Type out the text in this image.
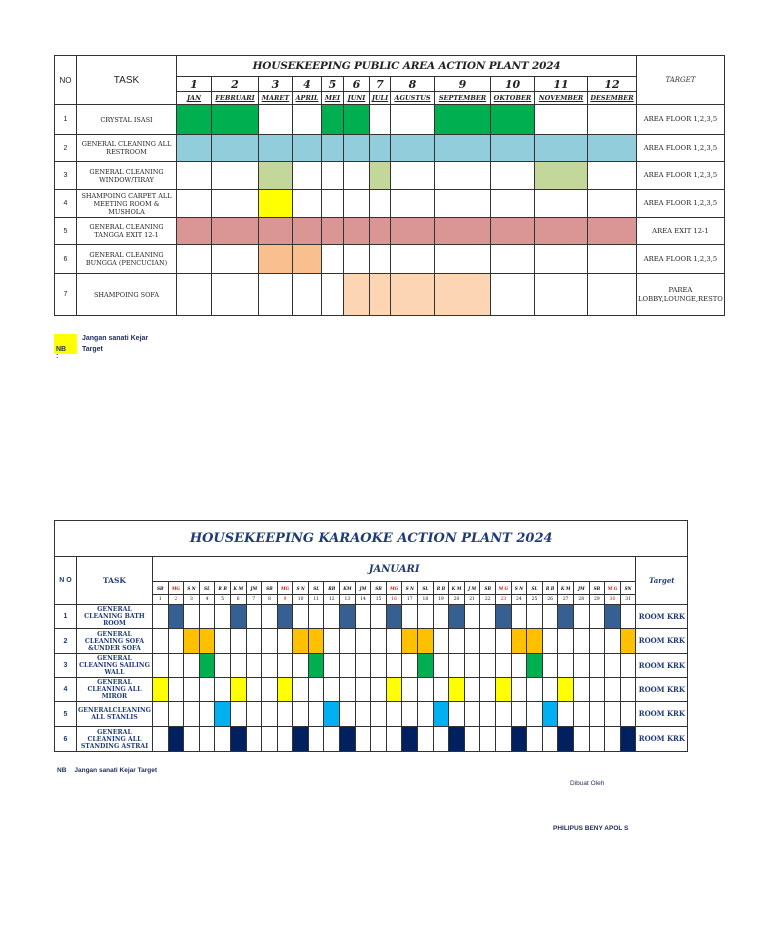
NO	TASK	HOUSEKEEPING PUBLIC AREA ACTION PLANT 2024												TARGET
		1	2	3	4	5	6	7	8	9	10	11	12	
		JAN	FEBRUARI	MARET	APRIL	MEI	JUNI	JULI	AGUSTUS	SEPTEMBER	OKTOBER	NOVEMBER	DESEMBER	
1	CRYSTAL ISASI													AREA FLOOR 1,2,3,5
2	GENERAL CLEANING ALL RESTROOM													AREA FLOOR 1,2,3,5
3	GENERAL CLEANING WINDOW/TIRAY													AREA FLOOR 1,2,3,5
4	SHAMPOING CARPET ALL MEETING ROOM & MUSHOLA													AREA FLOOR 1,2,3,5
5	GENERAL CLEANING TANGGA EXIT 12-1													AREA EXIT 12-1
6	GENERAL CLEANING BUNGGA (PENCUCIAN)													AREA FLOOR 1,2,3,5
7	SHAMPOING SOFA													PAREA LOBBY,LOUNGE,RESTO
NB :
Jangan sanati Kejar
Target
HOUSEKEEPING KARAOKE ACTION PLANT 2024																																	
N O	TASK	JANUARI																															Target
		SB	MG	S N	SL	R B	K M	JM	SB	MG	S N	SL	RB	KM	JM	SB	MG	S N	SL	R B	K M	J M	SB	M G	S N	SL	R B	K M	JM	SB	M G	SN	
		1	2	3	4	5	6	7	8	9	10	11	12	13	14	15	16	17	18	19	20	21	22	23	24	25	26	27	28	29	30	31	
1	GENERAL CLEANING BATH ROOM																																ROOM KRK
2	GENERAL CLEANING SOFA &UNDER SOFA																																ROOM KRK
3	GENERAL CLEANING SAILING WALL																																ROOM KRK
4	GENERAL CLEANING ALL MIROR																																ROOM KRK
5	GENERALCLEANING ALL STANLIS																																ROOM KRK
6	GENERAL CLEANING ALL STANDING ASTRAI																																ROOM KRK
NB Jangan sanati Kejar Target
Dibuat Oleh
PHILIPUS BENY APOL S
